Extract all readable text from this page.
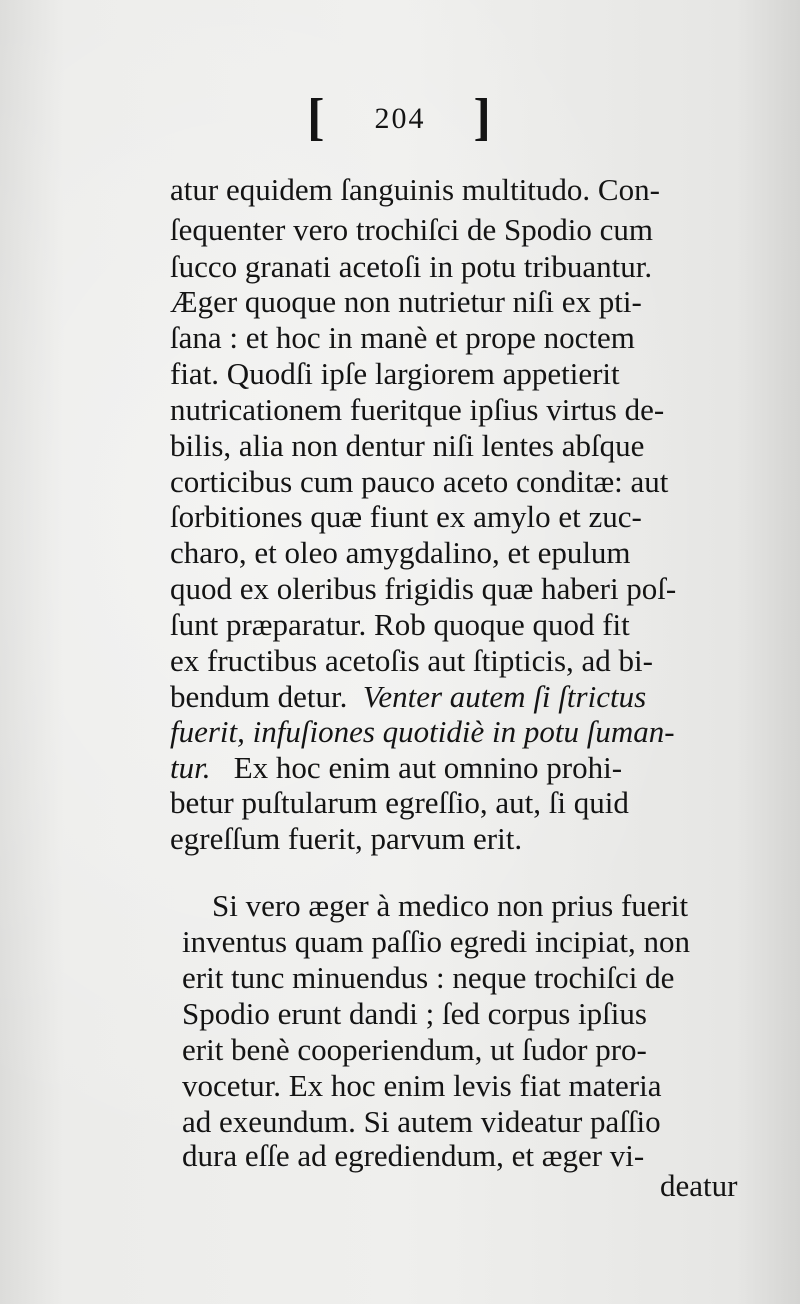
[ 204 ]
atur equidem ſanguinis multitudo. Con-
ſequenter vero trochiſci de Spodio cum
ſucco granati acetoſi in potu tribuantur.
Æger quoque non nutrietur niſi ex pti-
ſana : et hoc in manè et prope noctem
fiat. Quodſi ipſe largiorem appetierit
nutricationem fueritque ipſius virtus de-
bilis, alia non dentur niſi lentes abſque
corticibus cum pauco aceto conditæ: aut
ſorbitiones quæ fiunt ex amylo et zuc-
charo, et oleo amygdalino, et epulum
quod ex oleribus frigidis quæ haberi poſ-
ſunt præparatur. Rob quoque quod fit
ex fructibus acetoſis aut ſtipticis, ad bi-
bendum detur. Venter autem ſi ſtrictus
fuerit, infuſiones quotidiè in potu ſuman-
tur. Ex hoc enim aut omnino prohi-
betur puſtularum egreſſio, aut, ſi quid
egreſſum fuerit, parvum erit.
Si vero æger à medico non prius fuerit
inventus quam paſſio egredi incipiat, non
erit tunc minuendus : neque trochiſci de
Spodio erunt dandi ; ſed corpus ipſius
erit benè cooperiendum, ut ſudor pro-
vocetur. Ex hoc enim levis fiat materia
ad exeundum. Si autem videatur paſſio
dura eſſe ad egrediendum, et æger vi-
deatur
